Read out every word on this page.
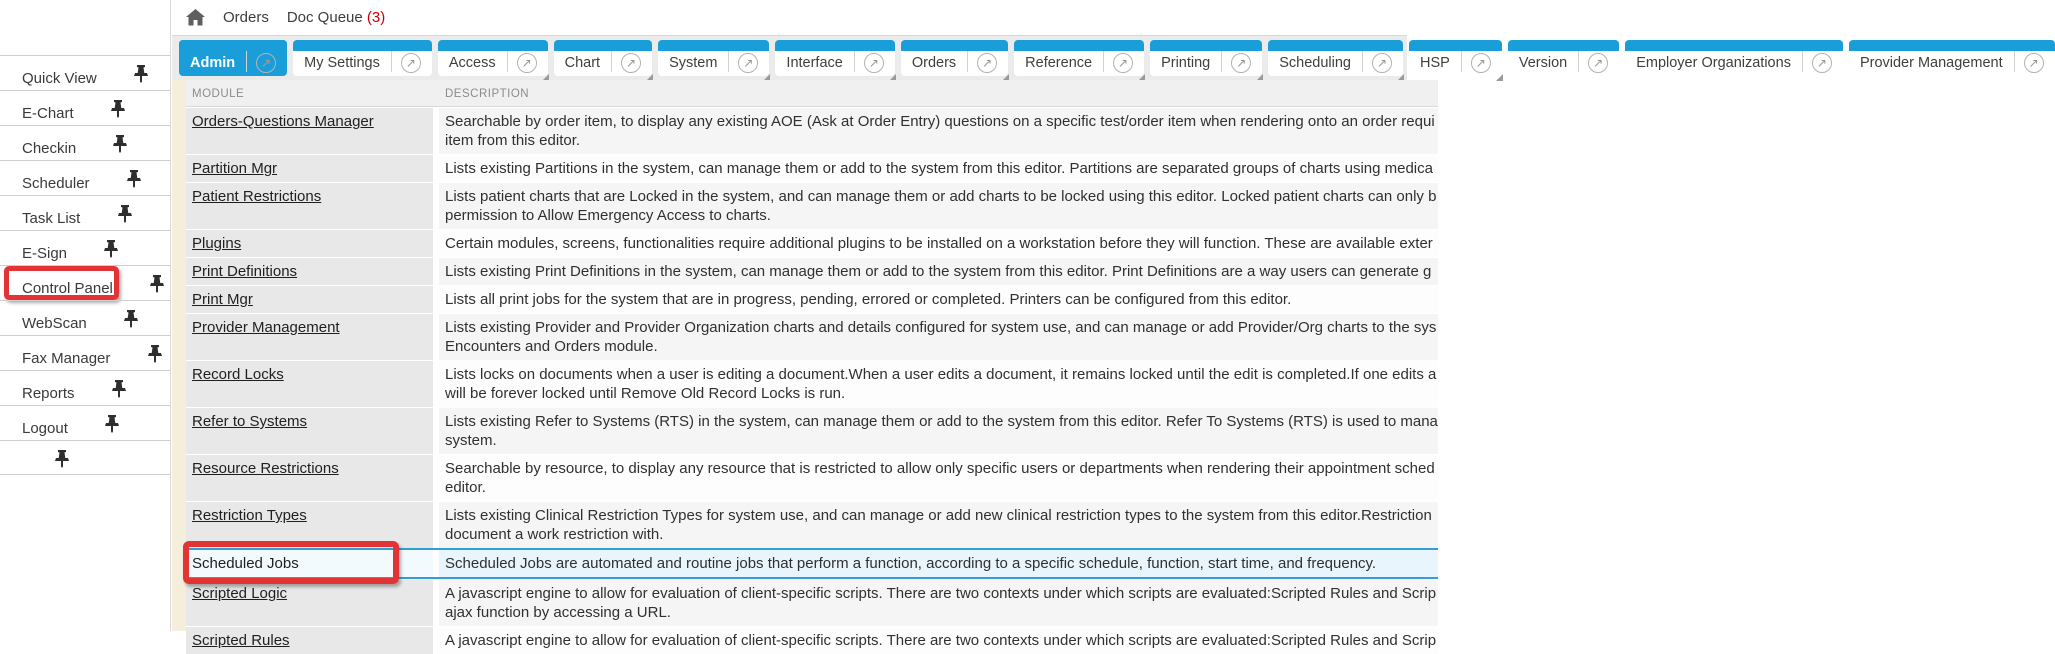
Quick View
E-Chart
Checkin
Scheduler
Task List
E-Sign
Control Panel
WebScan
Fax Manager
Reports
Logout
Orders Doc Queue (3)
Admin	↗	My Settings	↗	Access	↗	Chart	↗	System	↗	Interface	↗	Orders	↗	Reference	↗	Printing	↗	Scheduling	↗	HSP	↗	Version	↗	Employer Organizations	↗	Provider Management	↗
MODULE	DESCRIPTION
Orders-Questions Manager	Searchable by order item, to display any existing AOE (Ask at Order Entry) questions on a specific test/order item when rendering onto an order requi
item from this editor.
Partition Mgr	Lists existing Partitions in the system, can manage them or add to the system from this editor. Partitions are separated groups of charts using medica
Patient Restrictions	Lists patient charts that are Locked in the system, and can manage them or add charts to be locked using this editor. Locked patient charts can only b
permission to Allow Emergency Access to charts.
Plugins	Certain modules, screens, functionalities require additional plugins to be installed on a workstation before they will function. These are available exter
Print Definitions	Lists existing Print Definitions in the system, can manage them or add to the system from this editor. Print Definitions are a way users can generate g
Print Mgr	Lists all print jobs for the system that are in progress, pending, errored or completed. Printers can be configured from this editor.
Provider Management	Lists existing Provider and Provider Organization charts and details configured for system use, and can manage or add Provider/Org charts to the sys
Encounters and Orders module.
Record Locks	Lists locks on documents when a user is editing a document.When a user edits a document, it remains locked until the edit is completed.If one edits a
will be forever locked until Remove Old Record Locks is run.
Refer to Systems	Lists existing Refer to Systems (RTS) in the system, can manage them or add to the system from this editor. Refer To Systems (RTS) is used to mana
system.
Resource Restrictions	Searchable by resource, to display any resource that is restricted to allow only specific users or departments when rendering their appointment sched
editor.
Restriction Types	Lists existing Clinical Restriction Types for system use, and can manage or add new clinical restriction types to the system from this editor.Restriction
document a work restriction with.
Scheduled Jobs	Scheduled Jobs are automated and routine jobs that perform a function, according to a specific schedule, function, start time, and frequency.
Scripted Logic	A javascript engine to allow for evaluation of client-specific scripts. There are two contexts under which scripts are evaluated:Scripted Rules and Scrip
ajax function by accessing a URL.
Scripted Rules	A javascript engine to allow for evaluation of client-specific scripts. There are two contexts under which scripts are evaluated:Scripted Rules and Scrip
